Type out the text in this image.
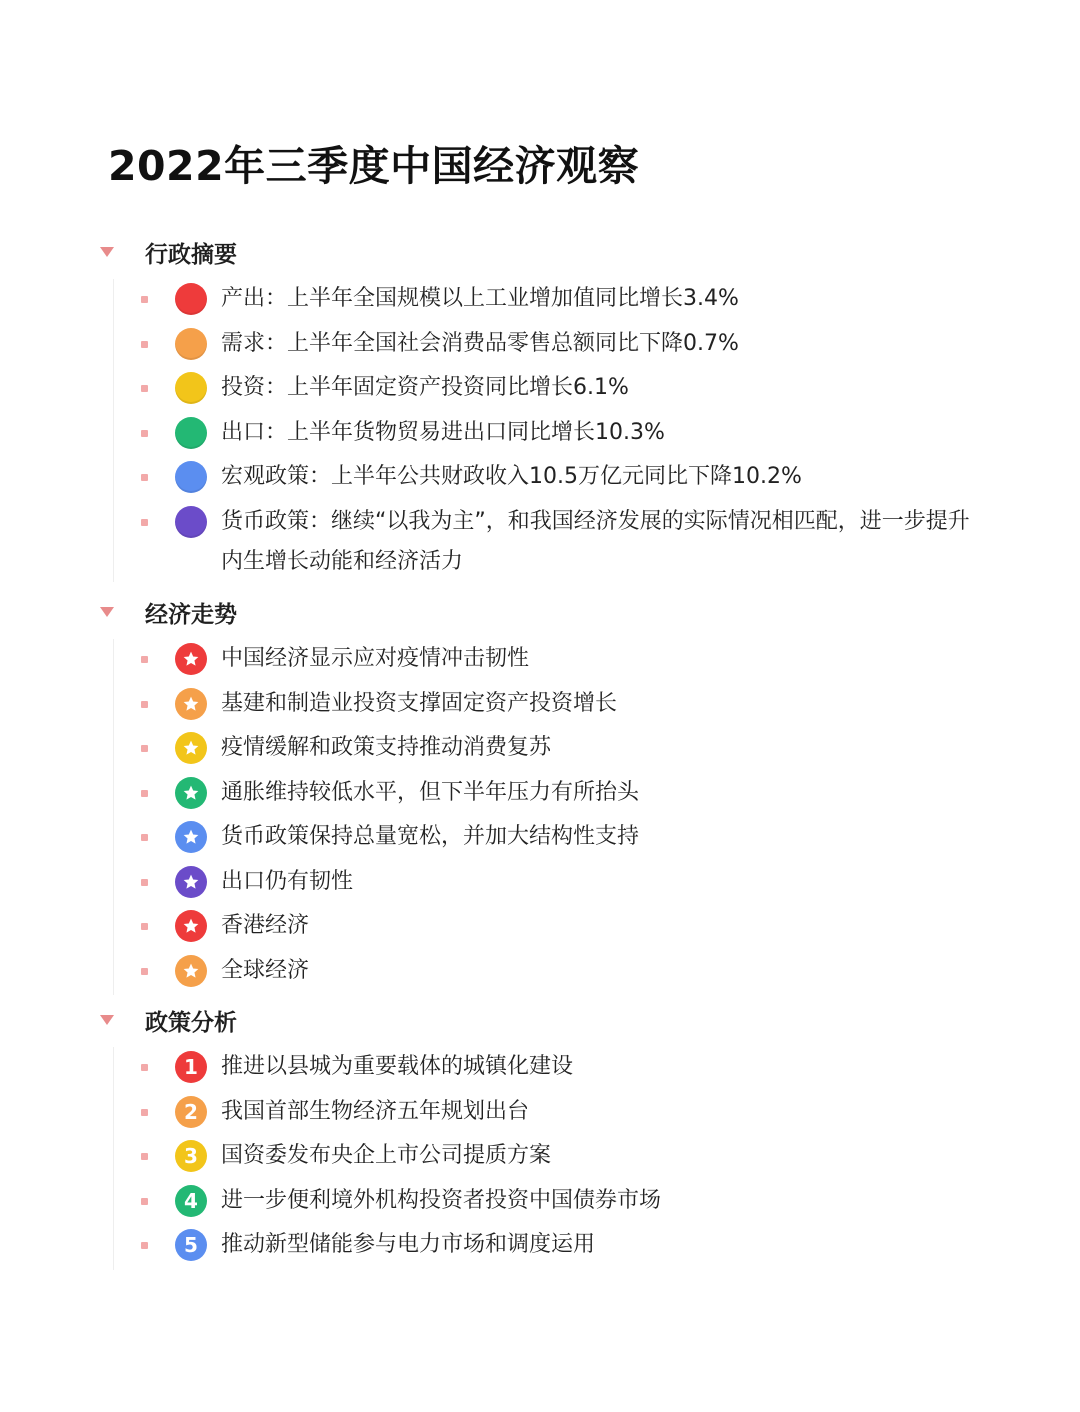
2022年三季度中国经济观察
行政摘要
产出：上半年全国规模以上工业增加值同比增长3.4%
需求：上半年全国社会消费品零售总额同比下降0.7%
投资：上半年固定资产投资同比增长6.1%
出口：上半年货物贸易进出口同比增长10.3%
宏观政策：上半年公共财政收入10.5万亿元同比下降10.2%
货币政策：继续“以我为主”，和我国经济发展的实际情况相匹配，进一步提升内生增长动能和经济活力
经济走势
中国经济显示应对疫情冲击韧性
基建和制造业投资支撑固定资产投资增长
疫情缓解和政策支持推动消费复苏
通胀维持较低水平，但下半年压力有所抬头
货币政策保持总量宽松，并加大结构性支持
出口仍有韧性
香港经济
全球经济
政策分析
1 推进以县城为重要载体的城镇化建设
2 我国首部生物经济五年规划出台
3 国资委发布央企上市公司提质方案
4 进一步便利境外机构投资者投资中国债券市场
5 推动新型储能参与电力市场和调度运用
